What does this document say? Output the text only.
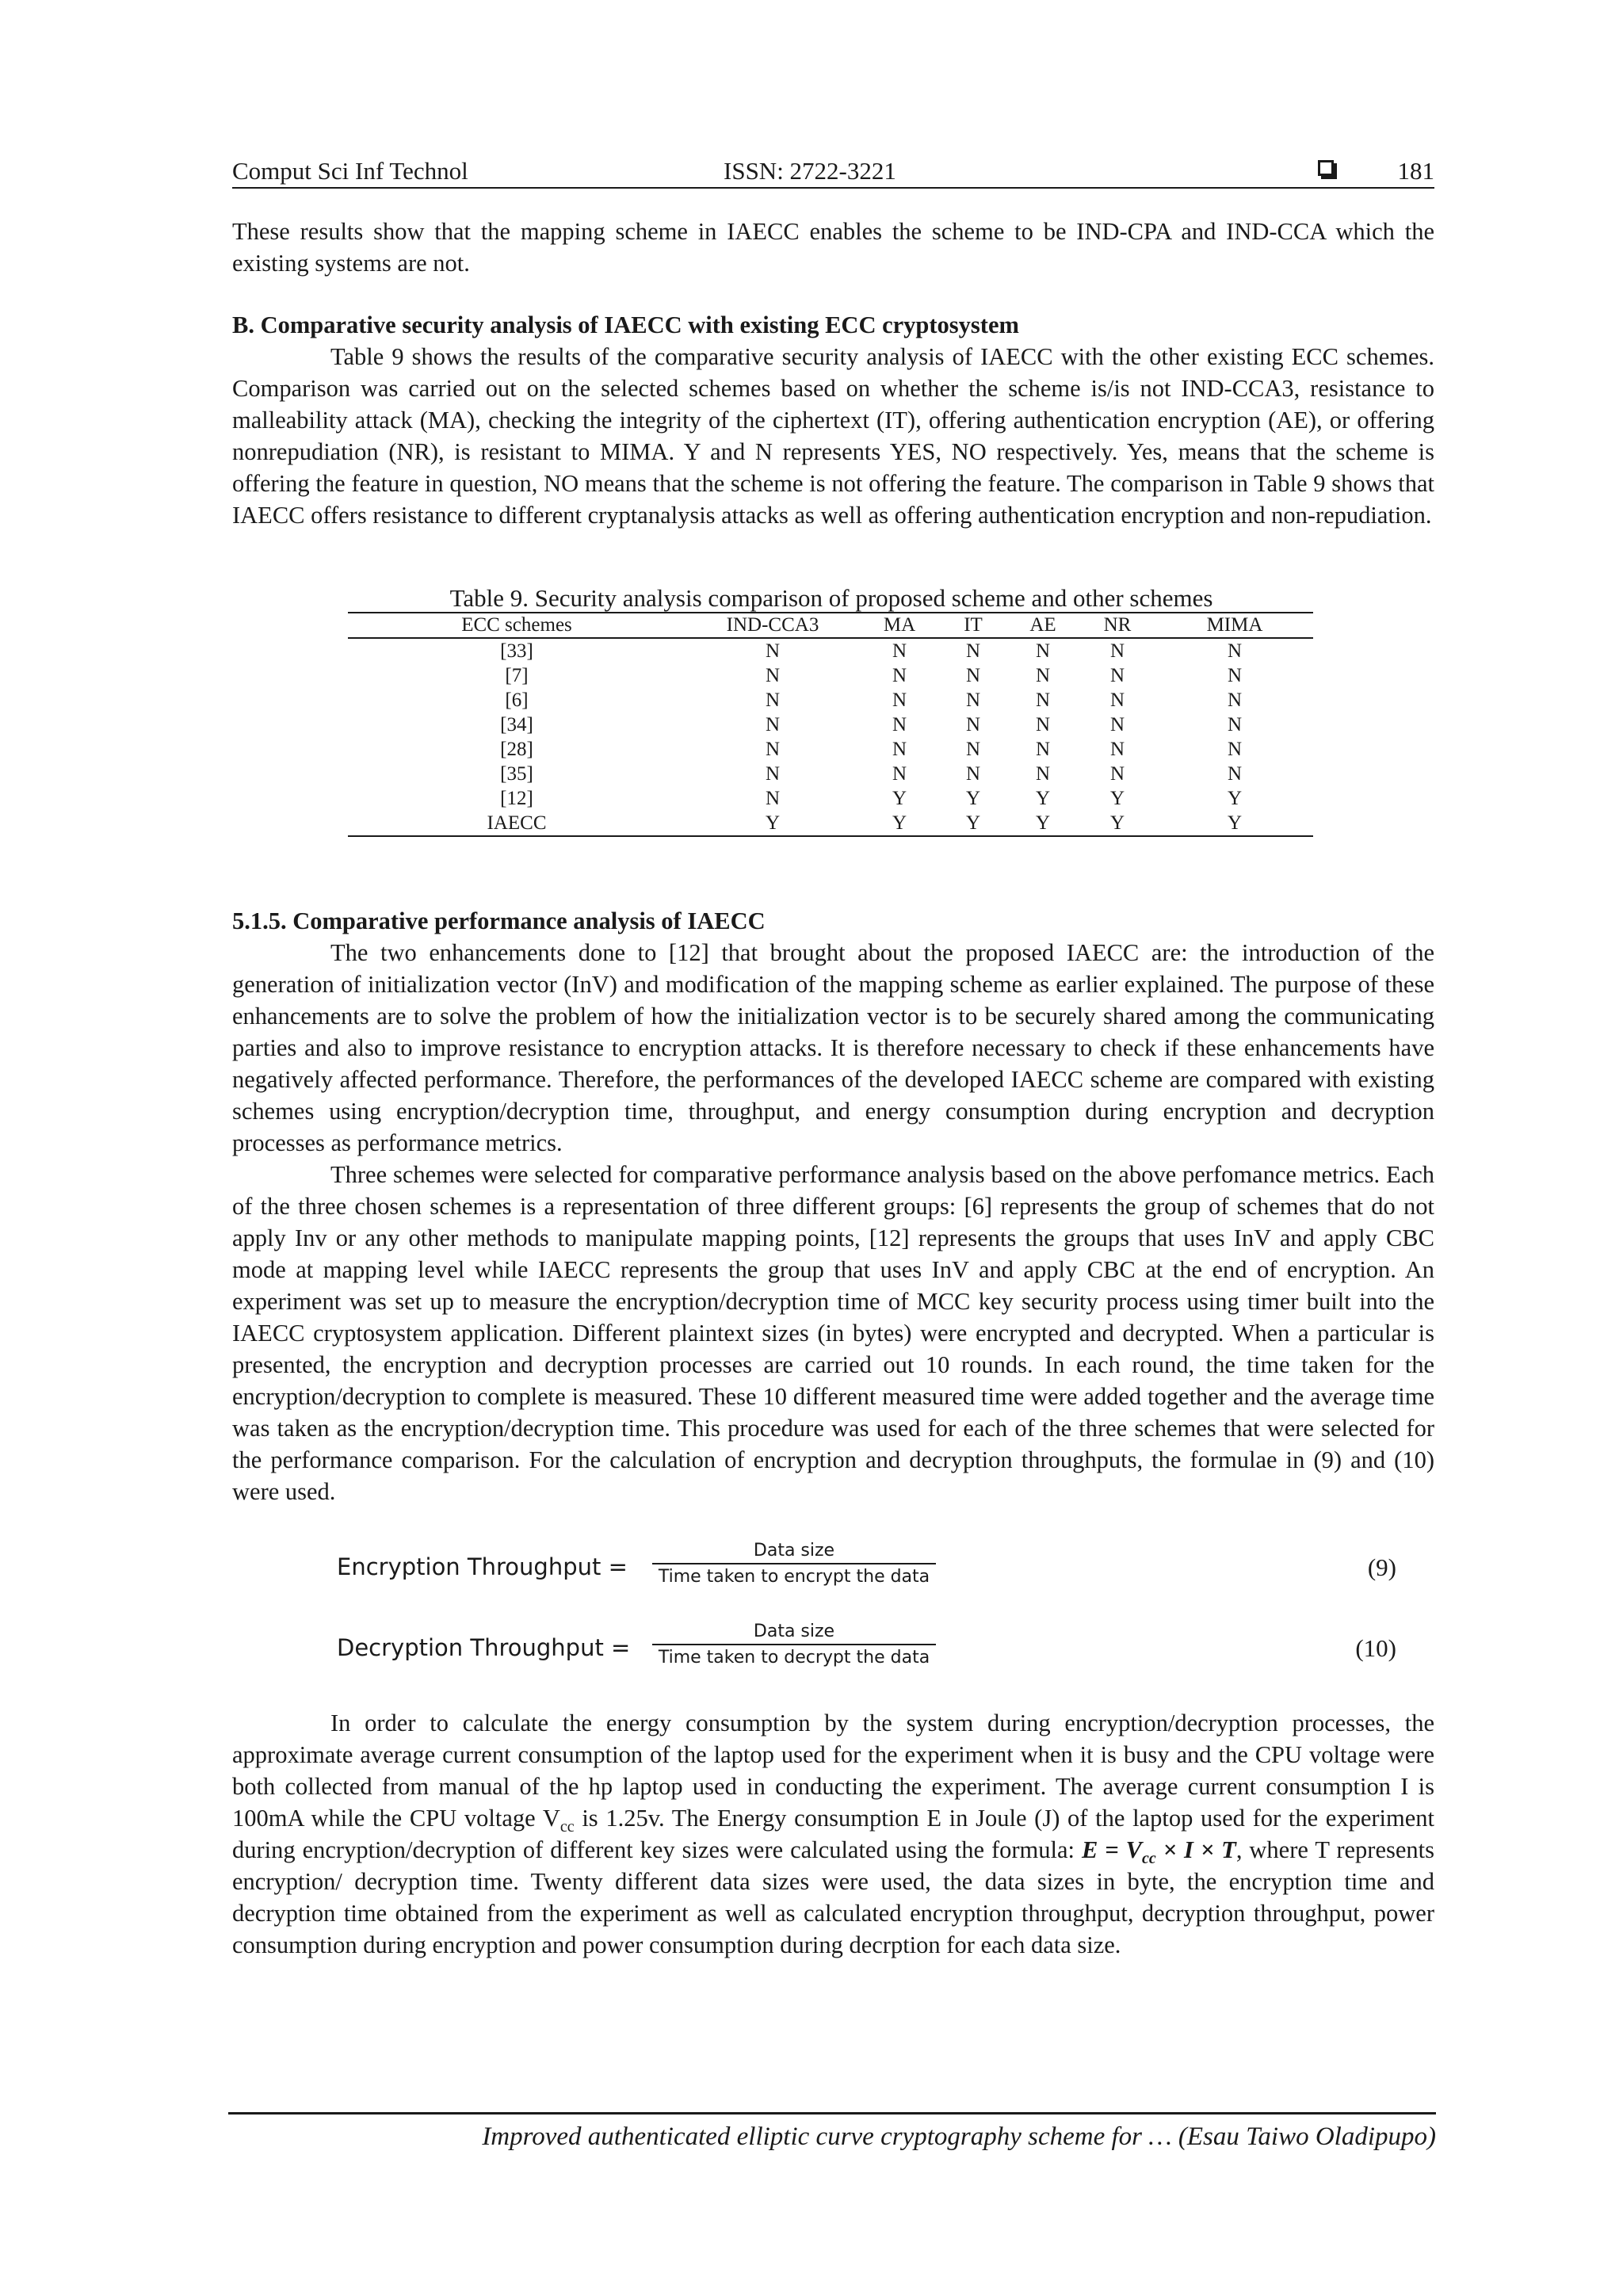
Comput Sci Inf Technol	ISSN: 2722-3221	181

These results show that the mapping scheme in IAECC enables the scheme to be IND-CPA and IND-CCA which the existing systems are not.

B. Comparative security analysis of IAECC with existing ECC cryptosystem

Table 9 shows the results of the comparative security analysis of IAECC with the other existing ECC schemes. Comparison was carried out on the selected schemes based on whether the scheme is/is not IND-CCA3, resistance to malleability attack (MA), checking the integrity of the ciphertext (IT), offering authentication encryption (AE), or offering nonrepudiation (NR), is resistant to MIMA. Y and N represents YES, NO respectively. Yes, means that the scheme is offering the feature in question, NO means that the scheme is not offering the feature. The comparison in Table 9 shows that IAECC offers resistance to different cryptanalysis attacks as well as offering authentication encryption and non-repudiation.

Table 9. Security analysis comparison of proposed scheme and other schemes
ECC schemes	IND-CCA3	MA	IT	AE	NR	MIMA
[33]	N	N	N	N	N	N
[7]	N	N	N	N	N	N
[6]	N	N	N	N	N	N
[34]	N	N	N	N	N	N
[28]	N	N	N	N	N	N
[35]	N	N	N	N	N	N
[12]	N	Y	Y	Y	Y	Y
IAECC	Y	Y	Y	Y	Y	Y
5.1.5. Comparative performance analysis of IAECC

The two enhancements done to [12] that brought about the proposed IAECC are: the introduction of the generation of initialization vector (InV) and modification of the mapping scheme as earlier explained. The purpose of these enhancements are to solve the problem of how the initialization vector is to be securely shared among the communicating parties and also to improve resistance to encryption attacks. It is therefore necessary to check if these enhancements have negatively affected performance. Therefore, the performances of the developed IAECC scheme are compared with existing schemes using encryption/decryption time, throughput, and energy consumption during encryption and decryption processes as performance metrics.

Three schemes were selected for comparative performance analysis based on the above perfomance metrics. Each of the three chosen schemes is a representation of three different groups: [6] represents the group of schemes that do not apply Inv or any other methods to manipulate mapping points, [12] represents the groups that uses InV and apply CBC mode at mapping level while IAECC represents the group that uses InV and apply CBC at the end of encryption. An experiment was set up to measure the encryption/decryption time of MCC key security process using timer built into the IAECC cryptosystem application. Different plaintext sizes (in bytes) were encrypted and decrypted. When a particular is presented, the encryption and decryption processes are carried out 10 rounds. In each round, the time taken for the encryption/decryption to complete is measured. These 10 different measured time were added together and the average time was taken as the encryption/decryption time. This procedure was used for each of the three schemes that were selected for the performance comparison. For the calculation of encryption and decryption throughputs, the formulae in (9) and (10) were used.

Encryption Throughput =
Data size
Time taken to encrypt the data	(9)
Decryption Throughput =
Data size
Time taken to decrypt the data	(10)

In order to calculate the energy consumption by the system during encryption/decryption processes, the approximate average current consumption of the laptop used for the experiment when it is busy and the CPU voltage were both collected from manual of the hp laptop used in conducting the experiment. The average current consumption I is 100mA while the CPU voltage $V_{cc}$ is 1.25v. The Energy consumption E in Joule (J) of the laptop used for the experiment during encryption/decryption of different key sizes were calculated using the formula: $E = V_{cc} \times I \times T$, where T represents encryption/ decryption time. Twenty different data sizes were used, the data sizes in byte, the encryption time and decryption time obtained from the experiment as well as calculated encryption throughput, decryption throughput, power consumption during encryption and power consumption during decrption for each data size.

Improved authenticated elliptic curve cryptography scheme for … (Esau Taiwo Oladipupo)
